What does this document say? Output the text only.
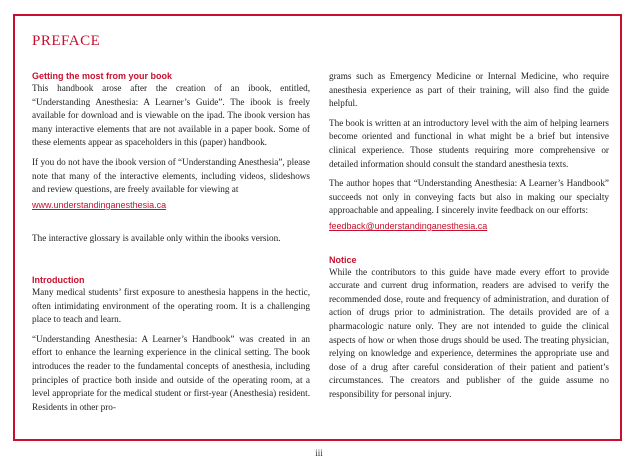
PREFACE
Getting the most from your book

This handbook arose after the creation of an ibook, entitled, “Understanding Anesthesia: A Learner’s Guide”. The ibook is freely available for download and is viewable on the ipad. The ibook version has many interactive elements that are not available in a paper book. Some of these elements appear as spaceholders in this (paper) handbook.

If you do not have the ibook version of “Understanding Anesthesia”, please note that many of the interactive elements, including videos, slideshows and review questions, are freely available for viewing at

www.understandinganesthesia.ca

The interactive glossary is available only within the ibooks version.

Introduction

Many medical students’ first exposure to anesthesia happens in the hectic, often intimidating environment of the operating room. It is a challenging place to teach and learn.

“Understanding Anesthesia: A Learner’s Handbook” was created in an effort to enhance the learning experience in the clinical setting. The book introduces the reader to the fundamental concepts of anesthesia, including principles of practice both inside and outside of the operating room, at a level appropriate for the medical student or first-year (Anesthesia) resident. Residents in other pro-

grams such as Emergency Medicine or Internal Medicine, who require anesthesia experience as part of their training, will also find the guide helpful.

The book is written at an introductory level with the aim of helping learners become oriented and functional in what might be a brief but intensive clinical experience. Those students requiring more comprehensive or detailed information should consult the standard anesthesia texts.

The author hopes that “Understanding Anesthesia: A Learner’s Handbook” succeeds not only in conveying facts but also in making our specialty approachable and appealing. I sincerely invite feedback on our efforts:

feedback@understandinganesthesia.ca
Notice

While the contributors to this guide have made every effort to provide accurate and current drug information, readers are advised to verify the recommended dose, route and frequency of administration, and duration of action of drugs prior to administration. The details provided are of a pharmacologic nature only. They are not intended to guide the clinical aspects of how or when those drugs should be used. The treating physician, relying on knowledge and experience, determines the appropriate use and dose of a drug after careful consideration of their patient and patient’s circumstances. The creators and publisher of the guide assume no responsibility for personal injury.

iii
